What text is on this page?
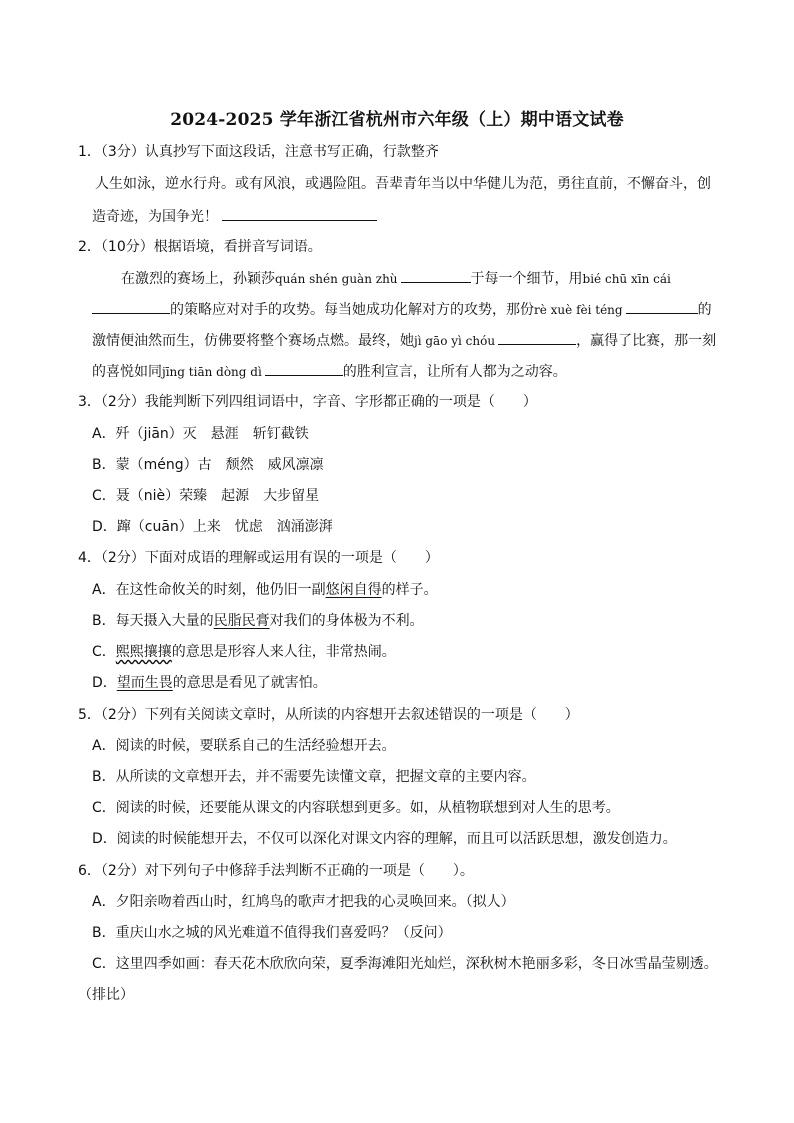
2024-2025 学年浙江省杭州市六年级（上）期中语文试卷
1．（3分）认真抄写下面这段话，注意书写正确，行款整齐
人生如泳，逆水行舟。或有风浪，或遇险阻。吾辈青年当以中华健儿为范，勇往直前，不懈奋斗，创
造奇迹，为国争光！
2．（10分）根据语境，看拼音写词语。
在激烈的赛场上，孙颖莎quán shén guàn zhù	于每一个细节，用bié chū xīn cái
的策略应对对手的攻势。每当她成功化解对方的攻势，那份rè xuè fèi téng	的
激情便油然而生，仿佛要将整个赛场点燃。最终，她jì gāo yì chóu	，赢得了比赛，那一刻
的喜悦如同jīng tiān dòng dì	的胜利宣言，让所有人都为之动容。
3．（2分）我能判断下列四组词语中，字音、字形都正确的一项是（　　）
A．歼（jiān）灭　悬涯　斩钉截铁
B．蒙（méng）古　颓然　威风凛凛
C．聂（niè）荣臻　起源　大步留星
D．蹿（cuān）上来　忧虑　汹涌澎湃
4．（2分）下面对成语的理解或运用有误的一项是（　　）
A．在这性命攸关的时刻，他仍旧一副悠闲自得的样子。
B．每天摄入大量的民脂民膏对我们的身体极为不利。
C．熙熙攘攘的意思是形容人来人往，非常热闹。
D．望而生畏的意思是看见了就害怕。
5．（2分）下列有关阅读文章时，从所读的内容想开去叙述错误的一项是（　　）
A．阅读的时候，要联系自己的生活经验想开去。
B．从所读的文章想开去，并不需要先读懂文章，把握文章的主要内容。
C．阅读的时候，还要能从课文的内容联想到更多。如，从植物联想到对人生的思考。
D．阅读的时候能想开去，不仅可以深化对课文内容的理解，而且可以活跃思想，激发创造力。
6．（2分）对下列句子中修辞手法判断不正确的一项是（　　）。
A．夕阳亲吻着西山时，红鸠鸟的歌声才把我的心灵唤回来。（拟人）
B．重庆山水之城的风光难道不值得我们喜爱吗？（反问）
C．这里四季如画：春天花木欣欣向荣，夏季海滩阳光灿烂，深秋树木艳丽多彩，冬日冰雪晶莹剔透。
（排比）
